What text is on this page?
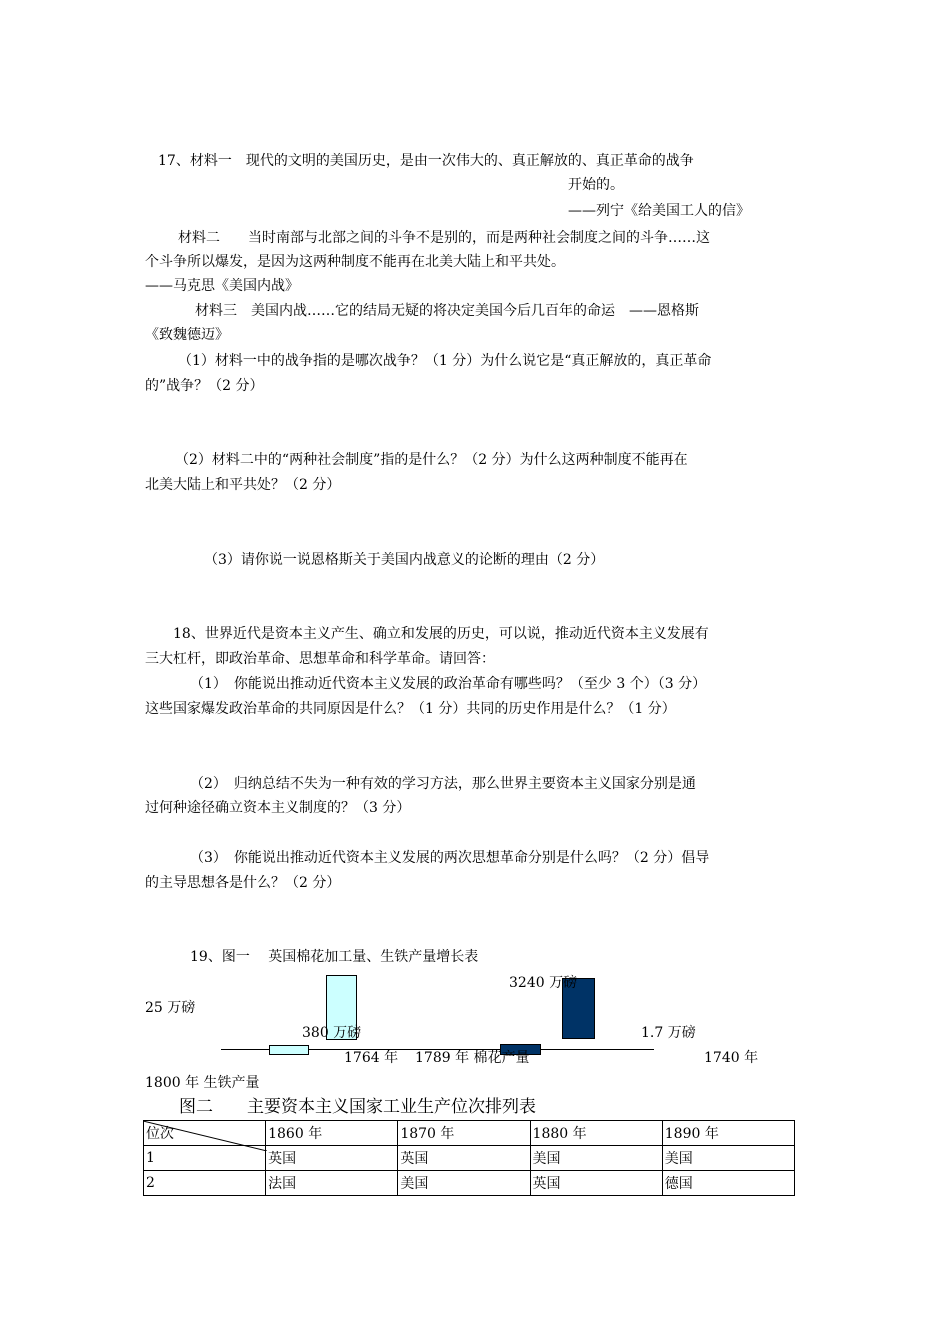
17、材料一　现代的文明的美国历史，是由一次伟大的、真正解放的、真正革命的战争
开始的。
——列宁《给美国工人的信》
材料二　　当时南部与北部之间的斗争不是别的，而是两种社会制度之间的斗争……这
个斗争所以爆发，是因为这两种制度不能再在北美大陆上和平共处。
——马克思《美国内战》
材料三　美国内战……它的结局无疑的将决定美国今后几百年的命运　——恩格斯
《致魏德迈》
（1）材料一中的战争指的是哪次战争？（1 分）为什么说它是“真正解放的，真正革命
的”战争？（2 分）
（2）材料二中的“两种社会制度”指的是什么？（2 分）为什么这两种制度不能再在
北美大陆上和平共处？（2 分）
（3）请你说一说恩格斯关于美国内战意义的论断的理由（2 分）
18、世界近代是资本主义产生、确立和发展的历史，可以说，推动近代资本主义发展有
三大杠杆，即政治革命、思想革命和科学革命。请回答：
（1）　你能说出推动近代资本主义发展的政治革命有哪些吗？（至少 3 个）（3 分）
这些国家爆发政治革命的共同原因是什么？（1 分）共同的历史作用是什么？（1 分）
（2）　归纳总结不失为一种有效的学习方法，那么世界主要资本主义国家分别是通
过何种途径确立资本主义制度的？（3 分）
（3）　你能说出推动近代资本主义发展的两次思想革命分别是什么吗？（2 分）倡导
的主导思想各是什么？（2 分）
19、图一　 英国棉花加工量、生铁产量增长表
3240 万磅
25 万磅
380 万磅	1.7 万磅
1764 年 1789 年 棉花产量	1740 年
1800 年 生铁产量
图二　　主要资本主义国家工业生产位次排列表
位次	1860 年	1870 年	1880 年	1890 年
1	英国	英国	美国	美国
2	法国	美国	英国	德国
